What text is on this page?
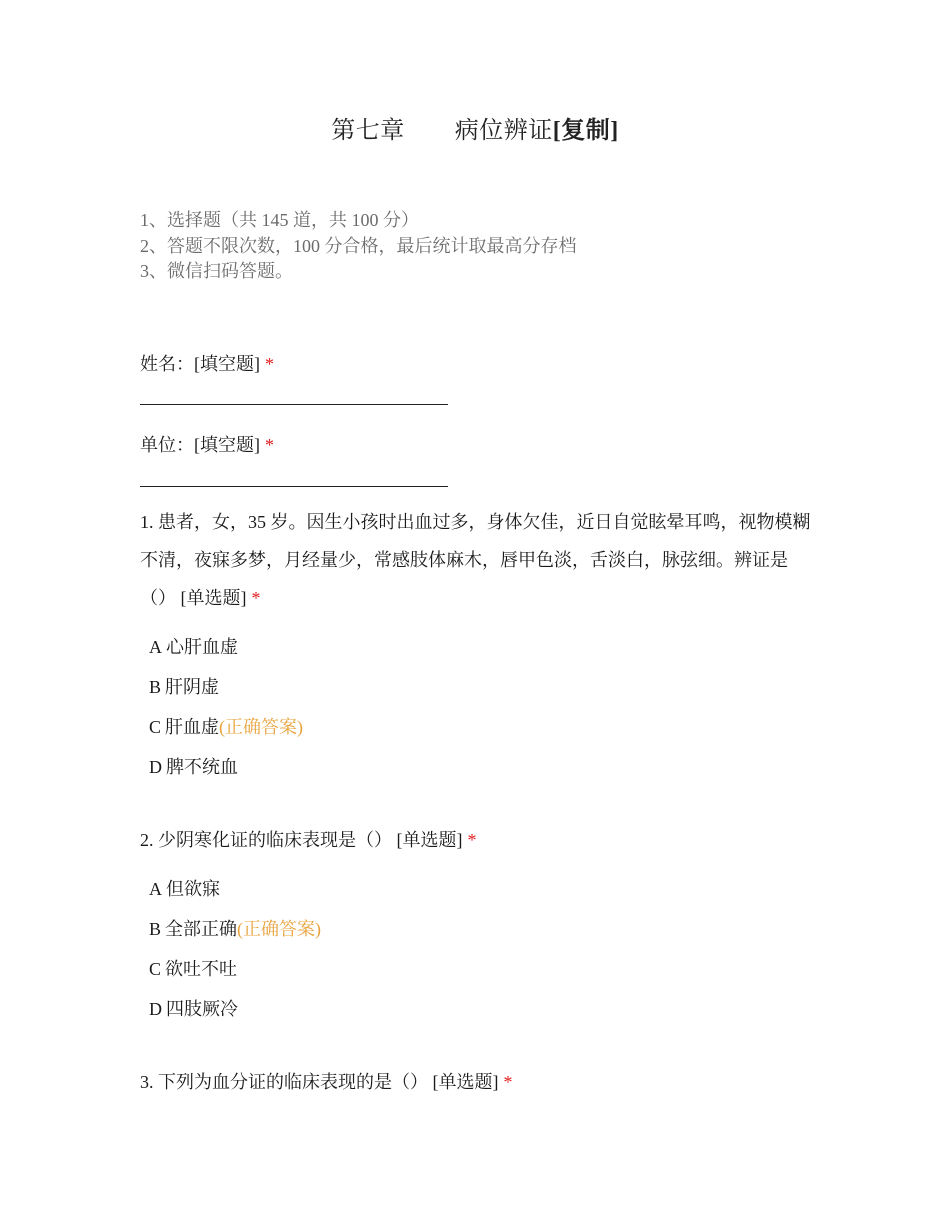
第七章 病位辨证[复制]
1、选择题（共 145 道，共 100 分）
2、答题不限次数，100 分合格，最后统计取最高分存档
3、微信扫码答题。
姓名：[填空题] *
单位：[填空题] *
1. 患者，女，35 岁。因生小孩时出血过多，身体欠佳，近日自觉眩晕耳鸣，视物模糊不清，夜寐多梦，月经量少，常感肢体麻木，唇甲色淡，舌淡白，脉弦细。辨证是（） [单选题] *
A 心肝血虚
B 肝阴虚
C 肝血虚(正确答案)
D 脾不统血
2. 少阴寒化证的临床表现是（） [单选题] *
A 但欲寐
B 全部正确(正确答案)
C 欲吐不吐
D 四肢厥冷
3. 下列为血分证的临床表现的是（） [单选题] *
